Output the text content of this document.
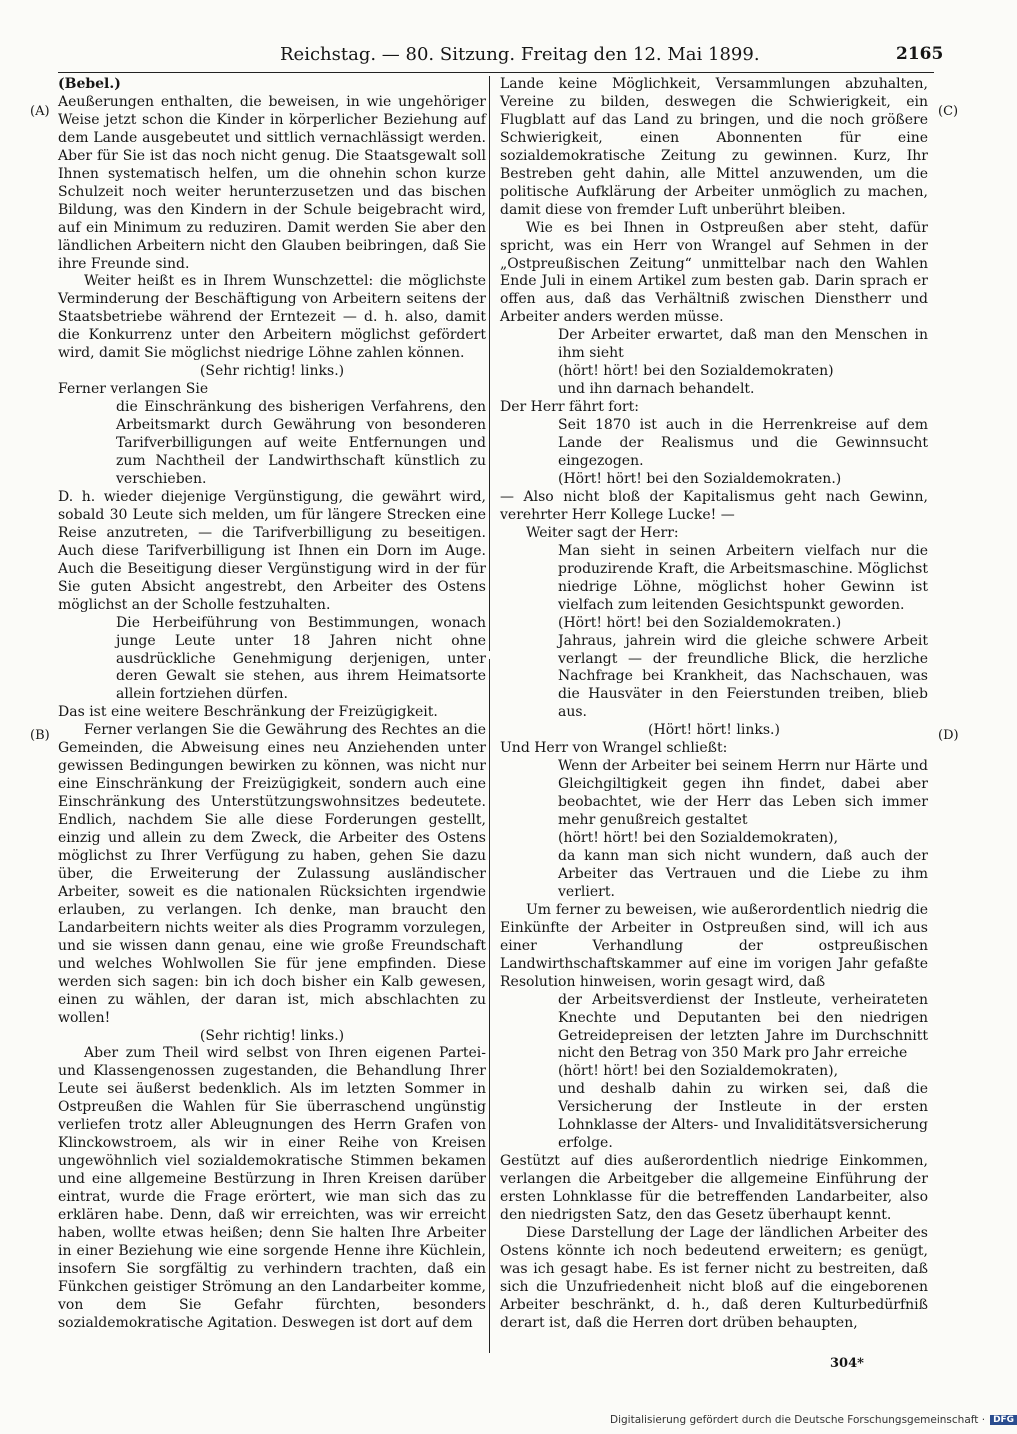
Reichstag. — 80. Sitzung. Freitag den 12. Mai 1899.	2165
(A)
(B)
(C)
(D)

(Bebel.)

Aeußerungen enthalten, die beweisen, in wie ungehöriger Weise jetzt schon die Kinder in körperlicher Beziehung auf dem Lande ausgebeutet und sittlich vernachlässigt werden. Aber für Sie ist das noch nicht genug. Die Staatsgewalt soll Ihnen systematisch helfen, um die ohnehin schon kurze Schulzeit noch weiter herunterzusetzen und das bischen Bildung, was den Kindern in der Schule beigebracht wird, auf ein Minimum zu reduziren. Damit werden Sie aber den ländlichen Arbeitern nicht den Glauben beibringen, daß Sie ihre Freunde sind.

Weiter heißt es in Ihrem Wunschzettel: die möglichste Verminderung der Beschäftigung von Arbeitern seitens der Staatsbetriebe während der Erntezeit — d. h. also, damit die Konkurrenz unter den Arbeitern möglichst gefördert wird, damit Sie möglichst niedrige Löhne zahlen können.

(Sehr richtig! links.)

Ferner verlangen Sie

die Einschränkung des bisherigen Verfahrens, den Arbeitsmarkt durch Gewährung von besonderen Tarifverbilligungen auf weite Entfernungen und zum Nachtheil der Landwirthschaft künstlich zu verschieben.

D. h. wieder diejenige Vergünstigung, die gewährt wird, sobald 30 Leute sich melden, um für längere Strecken eine Reise anzutreten, — die Tarifverbilligung zu beseitigen. Auch diese Tarifverbilligung ist Ihnen ein Dorn im Auge. Auch die Beseitigung dieser Vergünstigung wird in der für Sie guten Absicht angestrebt, den Arbeiter des Ostens möglichst an der Scholle festzuhalten.

Die Herbeiführung von Bestimmungen, wonach junge Leute unter 18 Jahren nicht ohne ausdrückliche Genehmigung derjenigen, unter deren Gewalt sie stehen, aus ihrem Heimatsorte allein fortziehen dürfen.

Das ist eine weitere Beschränkung der Freizügigkeit.

Ferner verlangen Sie die Gewährung des Rechtes an die Gemeinden, die Abweisung eines neu Anziehenden unter gewissen Bedingungen bewirken zu können, was nicht nur eine Einschränkung der Freizügigkeit, sondern auch eine Einschränkung des Unterstützungswohnsitzes bedeutete. Endlich, nachdem Sie alle diese Forderungen gestellt, einzig und allein zu dem Zweck, die Arbeiter des Ostens möglichst zu Ihrer Verfügung zu haben, gehen Sie dazu über, die Erweiterung der Zulassung ausländischer Arbeiter, soweit es die nationalen Rücksichten irgendwie erlauben, zu verlangen. Ich denke, man braucht den Landarbeitern nichts weiter als dies Programm vorzulegen, und sie wissen dann genau, eine wie große Freundschaft und welches Wohlwollen Sie für jene empfinden. Diese werden sich sagen: bin ich doch bisher ein Kalb gewesen, einen zu wählen, der daran ist, mich abschlachten zu wollen!

(Sehr richtig! links.)

Aber zum Theil wird selbst von Ihren eigenen Partei- und Klassengenossen zugestanden, die Behandlung Ihrer Leute sei äußerst bedenklich. Als im letzten Sommer in Ostpreußen die Wahlen für Sie überraschend ungünstig verliefen trotz aller Ableugnungen des Herrn Grafen von Klinckowstroem, als wir in einer Reihe von Kreisen ungewöhnlich viel sozialdemokratische Stimmen bekamen und eine allgemeine Bestürzung in Ihren Kreisen darüber eintrat, wurde die Frage erörtert, wie man sich das zu erklären habe. Denn, daß wir erreichten, was wir erreicht haben, wollte etwas heißen; denn Sie halten Ihre Arbeiter in einer Beziehung wie eine sorgende Henne ihre Küchlein, insofern Sie sorgfältig zu verhindern trachten, daß ein Fünkchen geistiger Strömung an den Landarbeiter komme, von dem Sie Gefahr fürchten, besonders sozialdemokratische Agitation. Deswegen ist dort auf dem

Lande keine Möglichkeit, Versammlungen abzuhalten, Vereine zu bilden, deswegen die Schwierigkeit, ein Flugblatt auf das Land zu bringen, und die noch größere Schwierigkeit, einen Abonnenten für eine sozialdemokratische Zeitung zu gewinnen. Kurz, Ihr Bestreben geht dahin, alle Mittel anzuwenden, um die politische Aufklärung der Arbeiter unmöglich zu machen, damit diese von fremder Luft unberührt bleiben.

Wie es bei Ihnen in Ostpreußen aber steht, dafür spricht, was ein Herr von Wrangel auf Sehmen in der „Ostpreußischen Zeitung“ unmittelbar nach den Wahlen Ende Juli in einem Artikel zum besten gab. Darin sprach er offen aus, daß das Verhältniß zwischen Dienstherr und Arbeiter anders werden müsse.

Der Arbeiter erwartet, daß man den Menschen in ihm sieht

(hört! hört! bei den Sozialdemokraten)

und ihn darnach behandelt.

Der Herr fährt fort:

Seit 1870 ist auch in die Herrenkreise auf dem Lande der Realismus und die Gewinnsucht eingezogen.

(Hört! hört! bei den Sozialdemokraten.)

— Also nicht bloß der Kapitalismus geht nach Gewinn, verehrter Herr Kollege Lucke! —

Weiter sagt der Herr:

Man sieht in seinen Arbeitern vielfach nur die produzirende Kraft, die Arbeitsmaschine. Möglichst niedrige Löhne, möglichst hoher Gewinn ist vielfach zum leitenden Gesichtspunkt geworden.

(Hört! hört! bei den Sozialdemokraten.)

Jahraus, jahrein wird die gleiche schwere Arbeit verlangt — der freundliche Blick, die herzliche Nachfrage bei Krankheit, das Nachschauen, was die Hausväter in den Feierstunden treiben, blieb aus.

(Hört! hört! links.)

Und Herr von Wrangel schließt:

Wenn der Arbeiter bei seinem Herrn nur Härte und Gleichgiltigkeit gegen ihn findet, dabei aber beobachtet, wie der Herr das Leben sich immer mehr genußreich gestaltet

(hört! hört! bei den Sozialdemokraten),

da kann man sich nicht wundern, daß auch der Arbeiter das Vertrauen und die Liebe zu ihm verliert.

Um ferner zu beweisen, wie außerordentlich niedrig die Einkünfte der Arbeiter in Ostpreußen sind, will ich aus einer Verhandlung der ostpreußischen Landwirthschaftskammer auf eine im vorigen Jahr gefaßte Resolution hinweisen, worin gesagt wird, daß

der Arbeitsverdienst der Instleute, verheirateten Knechte und Deputanten bei den niedrigen Getreidepreisen der letzten Jahre im Durchschnitt nicht den Betrag von 350 Mark pro Jahr erreiche

(hört! hört! bei den Sozialdemokraten),

und deshalb dahin zu wirken sei, daß die Versicherung der Instleute in der ersten Lohnklasse der Alters- und Invaliditätsversicherung erfolge.

Gestützt auf dies außerordentlich niedrige Einkommen, verlangen die Arbeitgeber die allgemeine Einführung der ersten Lohnklasse für die betreffenden Landarbeiter, also den niedrigsten Satz, den das Gesetz überhaupt kennt.

Diese Darstellung der Lage der ländlichen Arbeiter des Ostens könnte ich noch bedeutend erweitern; es genügt, was ich gesagt habe. Es ist ferner nicht zu bestreiten, daß sich die Unzufriedenheit nicht bloß auf die eingeborenen Arbeiter beschränkt, d. h., daß deren Kulturbedürfniß derart ist, daß die Herren dort drüben behaupten,

304*
Digitalisierung gefördert durch die Deutsche Forschungsgemeinschaft · DFG
